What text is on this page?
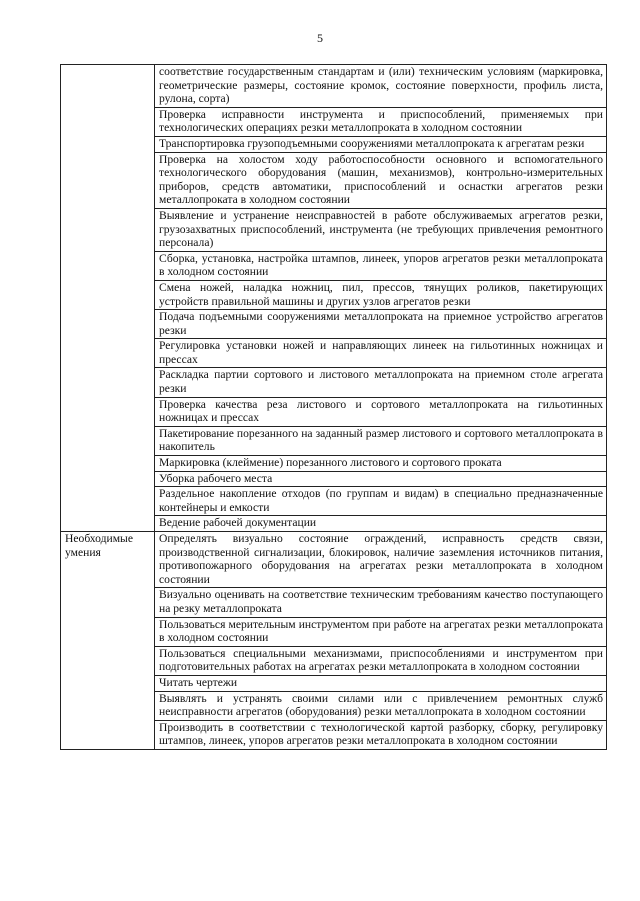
5
	соответствие государственным стандартам и (или) техническим условиям (маркировка, геометрические размеры, состояние кромок, состояние поверхности, профиль листа, рулона, сорта)
	Проверка исправности инструмента и приспособлений, применяемых при технологических операциях резки металлопроката в холодном состоянии
	Транспортировка грузоподъемными сооружениями металлопроката к агрегатам резки
	Проверка на холостом ходу работоспособности основного и вспомогательного технологического оборудования (машин, механизмов), контрольно-измерительных приборов, средств автоматики, приспособлений и оснастки агрегатов резки металлопроката в холодном состоянии
	Выявление и устранение неисправностей в работе обслуживаемых агрегатов резки, грузозахватных приспособлений, инструмента (не требующих привлечения ремонтного персонала)
	Сборка, установка, настройка штампов, линеек, упоров агрегатов резки металлопроката в холодном состоянии
	Смена ножей, наладка ножниц, пил, прессов, тянущих роликов, пакетирующих устройств правильной машины и других узлов агрегатов резки
	Подача подъемными сооружениями металлопроката на приемное устройство агрегатов резки
	Регулировка установки ножей и направляющих линеек на гильотинных ножницах и прессах
	Раскладка партии сортового и листового металлопроката на приемном столе агрегата резки
	Проверка качества реза листового и сортового металлопроката на гильотинных ножницах и прессах
	Пакетирование порезанного на заданный размер листового и сортового металлопроката в накопитель
	Маркировка (клеймение) порезанного листового и сортового проката
	Уборка рабочего места
	Раздельное накопление отходов (по группам и видам) в специально предназначенные контейнеры и емкости
	Ведение рабочей документации
Необходимые умения	Определять визуально состояние ограждений, исправность средств связи, производственной сигнализации, блокировок, наличие заземления источников питания, противопожарного оборудования на агрегатах резки металлопроката в холодном состоянии
	Визуально оценивать на соответствие техническим требованиям качество поступающего на резку металлопроката
	Пользоваться мерительным инструментом при работе на агрегатах резки металлопроката в холодном состоянии
	Пользоваться специальными механизмами, приспособлениями и инструментом при подготовительных работах на агрегатах резки металлопроката в холодном состоянии
	Читать чертежи
	Выявлять и устранять своими силами или с привлечением ремонтных служб неисправности агрегатов (оборудования) резки металлопроката в холодном состоянии
	Производить в соответствии с технологической картой разборку, сборку, регулировку штампов, линеек, упоров агрегатов резки металлопроката в холодном состоянии
